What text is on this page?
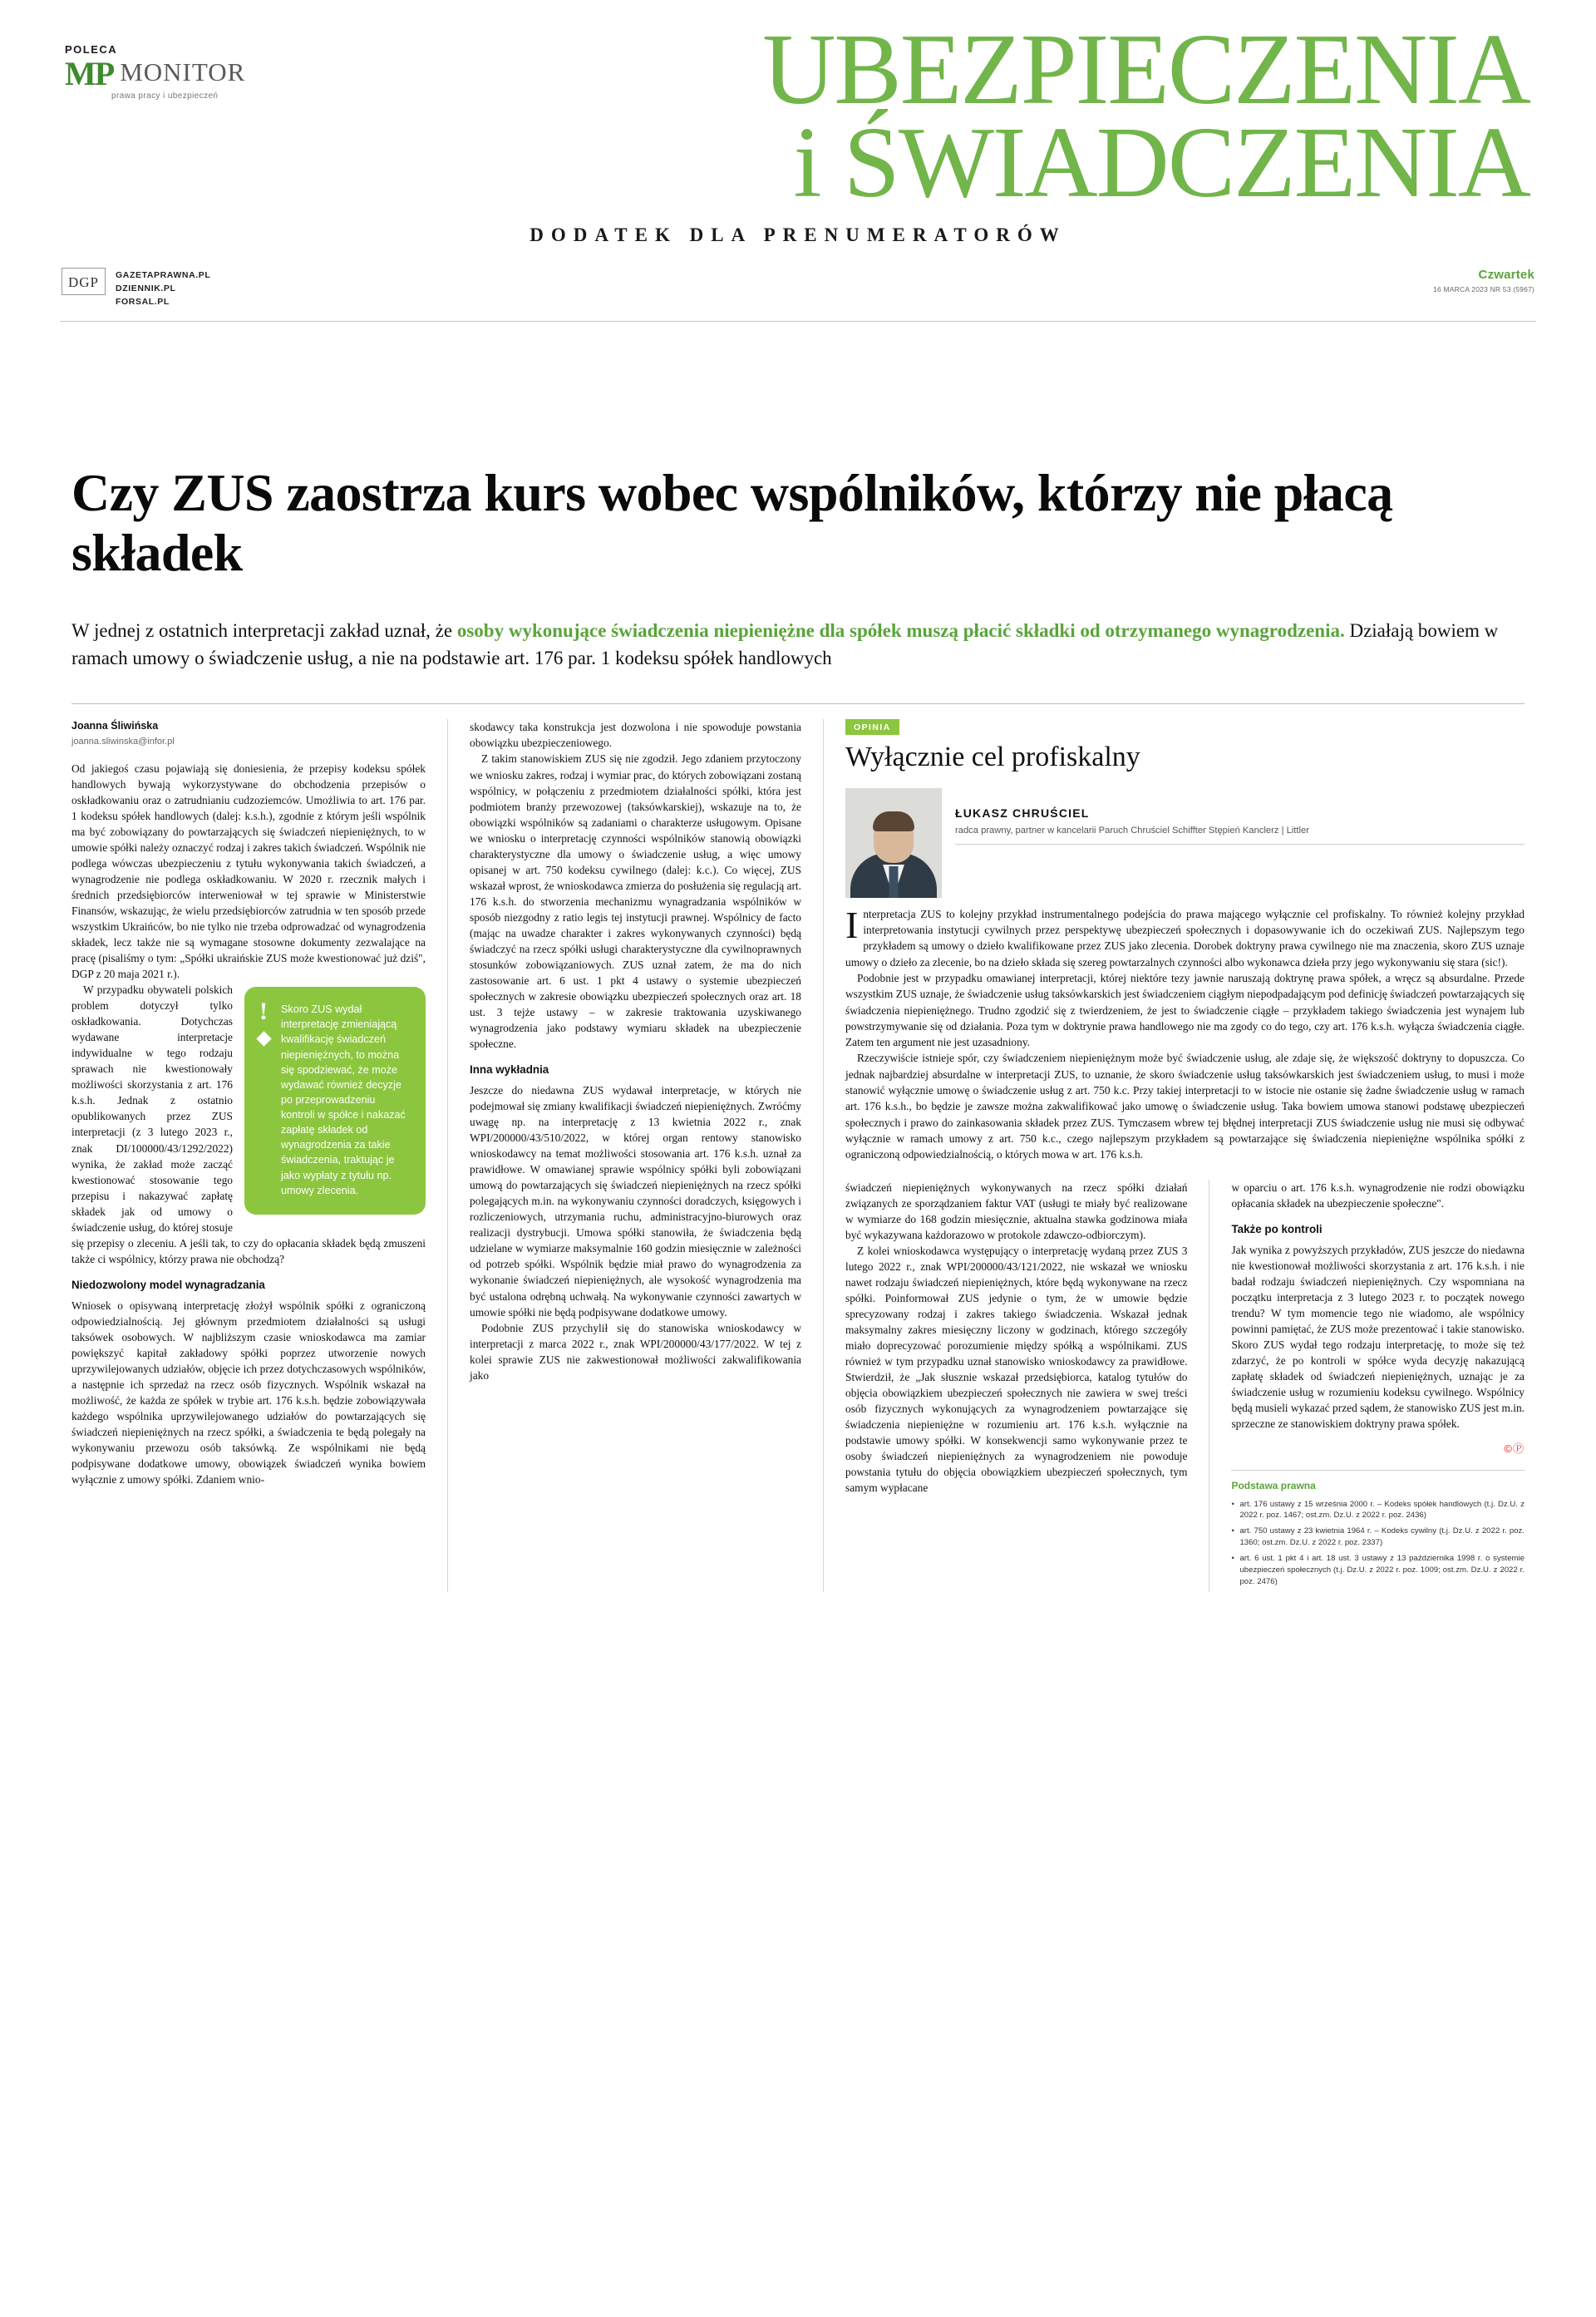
POLECA
MP MONITOR
prawa pracy i ubezpieczeń	UBEZPIECZENIA
i ŚWIADCZENIA
DODATEK DLA PRENUMERATORÓW
DGP	GAZETAPRAWNA.PL
DZIENNIK.PL
FORSAL.PL
Czwartek
16 MARCA 2023 NR 53 (5967)
Czy ZUS zaostrza kurs wobec wspólników, którzy nie płacą składek
W jednej z ostatnich interpretacji zakład uznał, że osoby wykonujące świadczenia niepieniężne dla spółek muszą płacić składki od otrzymanego wynagrodzenia. Działają bowiem w ramach umowy o świadczenie usług, a nie na podstawie art. 176 par. 1 kodeksu spółek handlowych
Joanna Śliwińska
joanna.sliwinska@infor.pl

Od jakiegoś czasu pojawiają się doniesienia, że przepisy kodeksu spółek handlowych bywają wykorzystywane do obchodzenia przepisów o oskładkowaniu oraz o zatrudnianiu cudzoziemców. Umożliwia to art. 176 par. 1 kodeksu spółek handlowych (dalej: k.s.h.), zgodnie z którym jeśli wspólnik ma być zobowiązany do powtarzających się świadczeń niepieniężnych, to w umowie spółki należy oznaczyć rodzaj i zakres takich świadczeń. Wspólnik nie podlega wówczas ubezpieczeniu z tytułu wykonywania takich świadczeń, a wynagrodzenie nie podlega oskładkowaniu. W 2020 r. rzecznik małych i średnich przedsiębiorców interweniował w tej sprawie w Ministerstwie Finansów, wskazując, że wielu przedsiębiorców zatrudnia w ten sposób przede wszystkim Ukraińców, bo nie tylko nie trzeba odprowadzać od wynagrodzenia składek, lecz także nie są wymagane stosowne dokumenty zezwalające na pracę (pisaliśmy o tym: „Spółki ukraińskie ZUS może kwestionować już dziś", DGP z 20 maja 2021 r.).

!	Skoro ZUS wydał interpretację zmieniającą kwalifikację świadczeń niepieniężnych, to można się spodziewać, że może wydawać również decyzje po przeprowadzeniu kontroli w spółce i nakazać zapłatę składek od wynagrodzenia za takie świadczenia, traktując je jako wypłaty z tytułu np. umowy zlecenia.

W przypadku obywateli polskich problem dotyczył tylko oskładkowania. Dotychczas wydawane interpretacje indywidualne w tego rodzaju sprawach nie kwestionowały możliwości skorzystania z art. 176 k.s.h. Jednak z ostatnio opublikowanych przez ZUS interpretacji (z 3 lutego 2023 r., znak DI/100000/43/1292/2022) wynika, że zakład może zacząć kwestionować stosowanie tego przepisu i nakazywać zapłatę składek jak od umowy o świadczenie usług, do której stosuje się przepisy o zleceniu. A jeśli tak, to czy do opłacania składek będą zmuszeni także ci wspólnicy, którzy prawa nie obchodzą?

Niedozwolony model wynagradzania

Wniosek o opisywaną interpretację złożył wspólnik spółki z ograniczoną odpowiedzialnością. Jej głównym przedmiotem działalności są usługi taksówek osobowych. W najbliższym czasie wnioskodawca ma zamiar powiększyć kapitał zakładowy spółki poprzez utworzenie nowych uprzywilejowanych udziałów, objęcie ich przez dotychczasowych wspólników, a następnie ich sprzedaż na rzecz osób fizycznych. Wspólnik wskazał na możliwość, że każda ze spółek w trybie art. 176 k.s.h. będzie zobowiązywała każdego wspólnika uprzywilejowanego udziałów do powtarzających się świadczeń niepieniężnych na rzecz spółki, a świadczenia te będą polegały na wykonywaniu przewozu osób taksówką. Ze wspólnikami nie będą podpisywane dodatkowe umowy, obowiązek świadczeń wynika bowiem wyłącznie z umowy spółki. Zdaniem wnio-

skodawcy taka konstrukcja jest dozwolona i nie spowoduje powstania obowiązku ubezpieczeniowego.

Z takim stanowiskiem ZUS się nie zgodził. Jego zdaniem przytoczony we wniosku zakres, rodzaj i wymiar prac, do których zobowiązani zostaną wspólnicy, w połączeniu z przedmiotem działalności spółki, która jest podmiotem branży przewozowej (taksówkarskiej), wskazuje na to, że obowiązki wspólników są zadaniami o charakterze usługowym. Opisane we wniosku o interpretację czynności wspólników stanowią obowiązki charakterystyczne dla umowy o świadczenie usług, a więc umowy opisanej w art. 750 kodeksu cywilnego (dalej: k.c.). Co więcej, ZUS wskazał wprost, że wnioskodawca zmierza do posłużenia się regulacją art. 176 k.s.h. do stworzenia mechanizmu wynagradzania wspólników w sposób niezgodny z ratio legis tej instytucji prawnej. Wspólnicy de facto (mając na uwadze charakter i zakres wykonywanych czynności) będą świadczyć na rzecz spółki usługi charakterystyczne dla cywilnoprawnych stosunków zobowiązaniowych. ZUS uznał zatem, że ma do nich zastosowanie art. 6 ust. 1 pkt 4 ustawy o systemie ubezpieczeń społecznych w zakresie obowiązku ubezpieczeń społecznych oraz art. 18 ust. 3 tejże ustawy – w zakresie traktowania uzyskiwanego wynagrodzenia jako podstawy wymiaru składek na ubezpieczenie społeczne.

Inna wykładnia

Jeszcze do niedawna ZUS wydawał interpretacje, w których nie podejmował się zmiany kwalifikacji świadczeń niepieniężnych. Zwróćmy uwagę np. na interpretację z 13 kwietnia 2022 r., znak WPI/200000/43/510/2022, w której organ rentowy stanowisko wnioskodawcy na temat możliwości stosowania art. 176 k.s.h. uznał za prawidłowe. W omawianej sprawie wspólnicy spółki byli zobowiązani umową do powtarzających się świadczeń niepieniężnych na rzecz spółki polegających m.in. na wykonywaniu czynności doradczych, księgowych i rozliczeniowych, utrzymania ruchu, administracyjno-biurowych oraz realizacji dystrybucji. Umowa spółki stanowiła, że świadczenia będą udzielane w wymiarze maksymalnie 160 godzin miesięcznie w zależności od potrzeb spółki. Wspólnik będzie miał prawo do wynagrodzenia za wykonanie świadczeń niepieniężnych, ale wysokość wynagrodzenia ma być ustalona odrębną uchwałą. Na wykonywanie czynności zawartych w umowie spółki nie będą podpisywane dodatkowe umowy.

Podobnie ZUS przychylił się do stanowiska wnioskodawcy w interpretacji z marca 2022 r., znak WPI/200000/43/177/2022. W tej z kolei sprawie ZUS nie zakwestionował możliwości zakwalifikowania jako

OPINIA
Wyłącznie cel profiskalny
ŁUKASZ CHRUŚCIEL
radca prawny, partner w kancelarii Paruch Chruściel Schiffter Stępień Kanclerz | Littler

Interpretacja ZUS to kolejny przykład instrumentalnego podejścia do prawa mającego wyłącznie cel profiskalny. To również kolejny przykład interpretowania instytucji cywilnych przez perspektywę ubezpieczeń społecznych i dopasowywanie ich do oczekiwań ZUS. Najlepszym tego przykładem są umowy o dzieło kwalifikowane przez ZUS jako zlecenia. Dorobek doktryny prawa cywilnego nie ma znaczenia, skoro ZUS uznaje umowy o dzieło za zlecenie, bo na dzieło składa się szereg powtarzalnych czynności albo wykonawca dzieła przy jego wykonywaniu się stara (sic!).

Podobnie jest w przypadku omawianej interpretacji, której niektóre tezy jawnie naruszają doktrynę prawa spółek, a wręcz są absurdalne. Przede wszystkim ZUS uznaje, że świadczenie usług taksówkarskich jest świadczeniem ciągłym niepodpadającym pod definicję świadczeń powtarzających się świadczenia niepieniężnego. Trudno zgodzić się z twierdzeniem, że jest to świadczenie ciągłe – przykładem takiego świadczenia jest wynajem lub powstrzymywanie się od działania. Poza tym w doktrynie prawa handlowego nie ma zgody co do tego, czy art. 176 k.s.h. wyłącza świadczenia ciągłe. Zatem ten argument nie jest uzasadniony.

Rzeczywiście istnieje spór, czy świadczeniem niepieniężnym może być świadczenie usług, ale zdaje się, że większość doktryny to dopuszcza. Co jednak najbardziej absurdalne w interpretacji ZUS, to uznanie, że skoro świadczenie usług taksówkarskich jest świadczeniem usług, to musi i może stanowić wyłącznie umowę o świadczenie usług z art. 750 k.c. Przy takiej interpretacji to w istocie nie ostanie się żadne świadczenie usług w ramach art. 176 k.s.h., bo będzie je zawsze można zakwalifikować jako umowę o świadczenie usług. Taka bowiem umowa stanowi podstawę ubezpieczeń społecznych i prawo do zainkasowania składek przez ZUS. Tymczasem wbrew tej błędnej interpretacji ZUS świadczenie usług nie musi się odbywać wyłącznie w ramach umowy z art. 750 k.c., czego najlepszym przykładem są powtarzające się świadczenia niepieniężne wspólnika spółki z ograniczoną odpowiedzialnością, o których mowa w art. 176 k.s.h.

świadczeń niepieniężnych wykonywanych na rzecz spółki działań związanych ze sporządzaniem faktur VAT (usługi te miały być realizowane w wymiarze do 168 godzin miesięcznie, aktualna stawka godzinowa miała być wykazywana każdorazowo w protokole zdawczo-odbiorczym).

Z kolei wnioskodawca występujący o interpretację wydaną przez ZUS 3 lutego 2022 r., znak WPI/200000/43/121/2022, nie wskazał we wniosku nawet rodzaju świadczeń niepieniężnych, które będą wykonywane na rzecz spółki. Poinformował ZUS jedynie o tym, że w umowie będzie sprecyzowany rodzaj i zakres takiego świadczenia. Wskazał jednak maksymalny zakres miesięczny liczony w godzinach, którego szczegóły miało doprecyzować porozumienie między spółką a wspólnikami. ZUS również w tym przypadku uznał stanowisko wnioskodawcy za prawidłowe. Stwierdził, że „Jak słusznie wskazał przedsiębiorca, katalog tytułów do objęcia obowiązkiem ubezpieczeń społecznych nie zawiera w swej treści osób fizycznych wykonujących za wynagrodzeniem powtarzające się świadczenia niepieniężne w rozumieniu art. 176 k.s.h. wyłącznie na podstawie umowy spółki. W konsekwencji samo wykonywanie przez te osoby świadczeń niepieniężnych za wynagrodzeniem nie powoduje powstania tytułu do objęcia obowiązkiem ubezpieczeń społecznych, tym samym wypłacane

w oparciu o art. 176 k.s.h. wynagrodzenie nie rodzi obowiązku opłacania składek na ubezpieczenie społeczne".

Także po kontroli

Jak wynika z powyższych przykładów, ZUS jeszcze do niedawna nie kwestionował możliwości skorzystania z art. 176 k.s.h. i nie badał rodzaju świadczeń niepieniężnych. Czy wspomniana na początku interpretacja z 3 lutego 2023 r. to początek nowego trendu? W tym momencie tego nie wiadomo, ale wspólnicy powinni pamiętać, że ZUS może prezentować i takie stanowisko. Skoro ZUS wydał tego rodzaju interpretację, to może się też zdarzyć, że po kontroli w spółce wyda decyzję nakazującą zapłatę składek od świadczeń niepieniężnych, uznając je za świadczenie usług w rozumieniu kodeksu cywilnego. Wspólnicy będą musieli wykazać przed sądem, że stanowisko ZUS jest m.in. sprzeczne ze stanowiskiem doktryny prawa spółek.

©Ⓟ
Podstawa prawna
• art. 176 ustawy z 15 września 2000 r. – Kodeks spółek handlowych (t.j. Dz.U. z 2022 r. poz. 1467; ost.zm. Dz.U. z 2022 r. poz. 2436)
• art. 750 ustawy z 23 kwietnia 1964 r. – Kodeks cywilny (t.j. Dz.U. z 2022 r. poz. 1360; ost.zm. Dz.U. z 2022 r. poz. 2337)
• art. 6 ust. 1 pkt 4 i art. 18 ust. 3 ustawy z 13 października 1998 r. o systemie ubezpieczeń społecznych (t.j. Dz.U. z 2022 r. poz. 1009; ost.zm. Dz.U. z 2022 r. poz. 2476)
